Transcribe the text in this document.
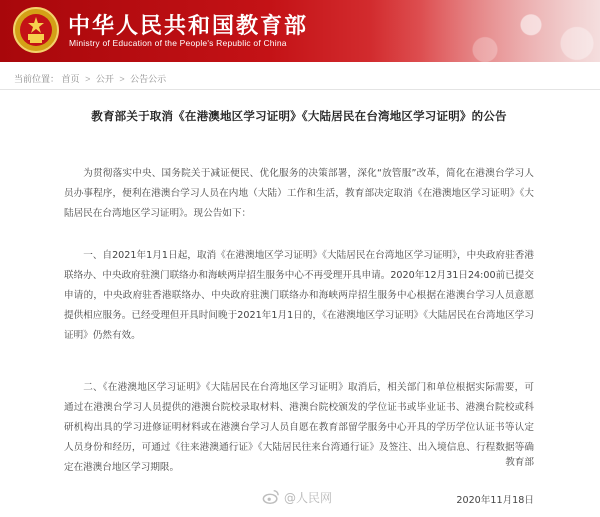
中华人民共和国教育部
Ministry of Education of the People's Republic of China
当前位置： 首页 > 公开 > 公告公示
教育部关于取消《在港澳地区学习证明》《大陆居民在台湾地区学习证明》的公告

为贯彻落实中央、国务院关于减证便民、优化服务的决策部署，深化“放管服”改革，简化在港澳台学习人员办事程序，便利在港澳台学习人员在内地（大陆）工作和生活，教育部决定取消《在港澳地区学习证明》《大陆居民在台湾地区学习证明》。现公告如下：

一、自2021年1月1日起，取消《在港澳地区学习证明》《大陆居民在台湾地区学习证明》，中央政府驻香港联络办、中央政府驻澳门联络办和海峡两岸招生服务中心不再受理开具申请。2020年12月31日24:00前已提交申请的，中央政府驻香港联络办、中央政府驻澳门联络办和海峡两岸招生服务中心根据在港澳台学习人员意愿提供相应服务。已经受理但开具时间晚于2021年1月1日的，《在港澳地区学习证明》《大陆居民在台湾地区学习证明》仍然有效。

二、《在港澳地区学习证明》《大陆居民在台湾地区学习证明》取消后，相关部门和单位根据实际需要，可通过在港澳台学习人员提供的港澳台院校录取材料、港澳台院校颁发的学位证书或毕业证书、港澳台院校或科研机构出具的学习进修证明材料或在港澳台学习人员自愿在教育部留学服务中心开具的学历学位认证书等认定人员身份和经历，可通过《往来港澳通行证》《大陆居民往来台湾通行证》及签注、出入境信息、行程数据等确定在港澳台地区学习期限。	教育部
@人民网	2020年11月18日
